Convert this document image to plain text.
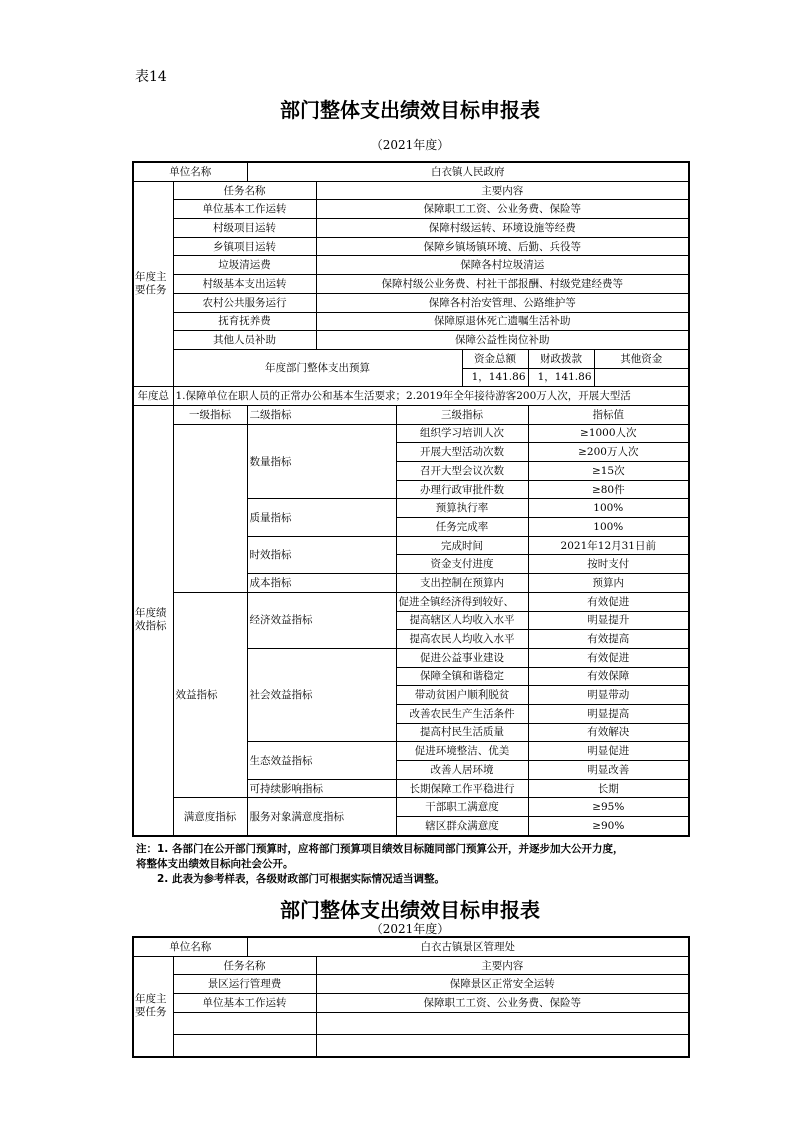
表14
部门整体支出绩效目标申报表
（2021年度）
单位名称		白衣镇人民政府					
年度主要任务	任务名称		主要内容				
	单位基本工作运转		保障职工工资、公业务费、保险等				
	村级项目运转		保障村级运转、环境设施等经费				
	乡镇项目运转		保障乡镇场镇环境、后勤、兵役等				
	垃圾清运费		保障各村垃圾清运				
	村级基本支出运转		保障村级公业务费、村社干部报酬、村级党建经费等				
	农村公共服务运行		保障各村治安管理、公路维护等				
	抚育抚养费		保障原退休死亡遗嘱生活补助				
	其他人员补助		保障公益性岗位补助				
	年度部门整体支出预算				资金总额	财政拨款	其他资金
					1，141.86	1，141.86	
年度总	1.保障单位在职人员的正常办公和基本生活要求；2.2019年全年接待游客200万人次，开展大型活						
年度绩效指标	一级指标	二级指标		三级指标		指标值	
		数量指标		组织学习培训人次		≥1000人次	
				开展大型活动次数		≥200万人次	
				召开大型会议次数		≥15次	
				办理行政审批件数		≥80件	
		质量指标		预算执行率		100%	
				任务完成率		100%	
		时效指标		完成时间		2021年12月31日前	
				资金支付进度		按时支付	
		成本指标		支出控制在预算内		预算内	
	效益指标	经济效益指标		促进全镇经济得到较好、		有效促进	
				提高辖区人均收入水平		明显提升	
				提高农民人均收入水平		有效提高	
		社会效益指标		促进公益事业建设		有效促进	
				保障全镇和谐稳定		有效保障	
				带动贫困户顺利脱贫		明显带动	
				改善农民生产生活条件		明显提高	
				提高村民生活质量		有效解决	
		生态效益指标		促进环境整洁、优美		明显促进	
				改善人居环境		明显改善	
		可持续影响指标		长期保障工作平稳进行		长期	
	满意度指标	服务对象满意度指标		干部职工满意度		≥95%	
				辖区群众满意度		≥90%	
注：1. 各部门在公开部门预算时，应将部门预算项目绩效目标随同部门预算公开，并逐步加大公开力度，
将整体支出绩效目标向社会公开。
　　2. 此表为参考样表，各级财政部门可根据实际情况适当调整。
部门整体支出绩效目标申报表
（2021年度）
单位名称		白衣古镇景区管理处	
年度主要任务	任务名称		主要内容
	景区运行管理费		保障景区正常安全运转
	单位基本工作运转		保障职工工资、公业务费、保险等
